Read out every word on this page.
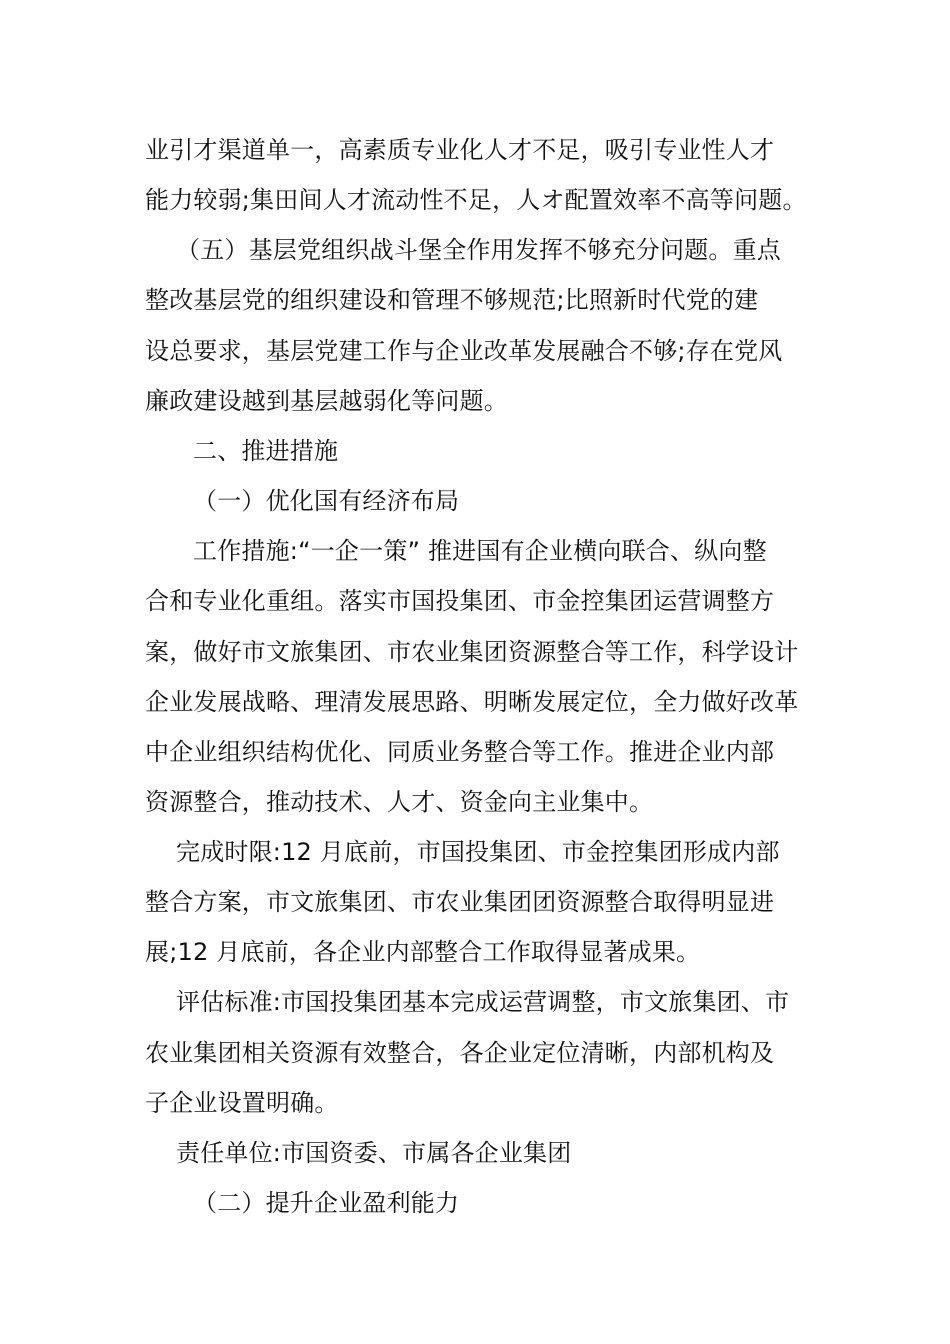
业引才渠道单一，高素质专业化人才不足，吸引专业性人才
能力较弱;集田间人才流动性不足，人オ配置效率不高等问题。
（五）基层党组织战斗堡全作用发挥不够充分问题。重点
整改基层党的组织建设和管理不够规范;比照新时代党的建
设总要求，基层党建工作与企业改革发展融合不够;存在党风
廉政建设越到基层越弱化等问题。
二、推进措施
（一）优化国有经济布局
工作措施:“一企一策” 推进国有企业横向联合、纵向整
合和专业化重组。落实市国投集团、市金控集团运营调整方
案，做好市文旅集团、市农业集团资源整合等工作，科学设计
企业发展战略、理清发展思路、明晰发展定位，全力做好改革
中企业组织结构优化、同质业务整合等工作。推进企业内部
资源整合，推动技术、人才、资金向主业集中。
完成时限:12 月底前，市国投集团、市金控集团形成内部
整合方案，市文旅集团、市农业集团团资源整合取得明显进
展;12 月底前，各企业内部整合工作取得显著成果。
评估标准:市国投集团基本完成运营调整，市文旅集团、市
农业集团相关资源有效整合，各企业定位清晰，内部机构及
子企业设置明确。
责任单位:市国资委、市属各企业集团
（二）提升企业盈利能力
